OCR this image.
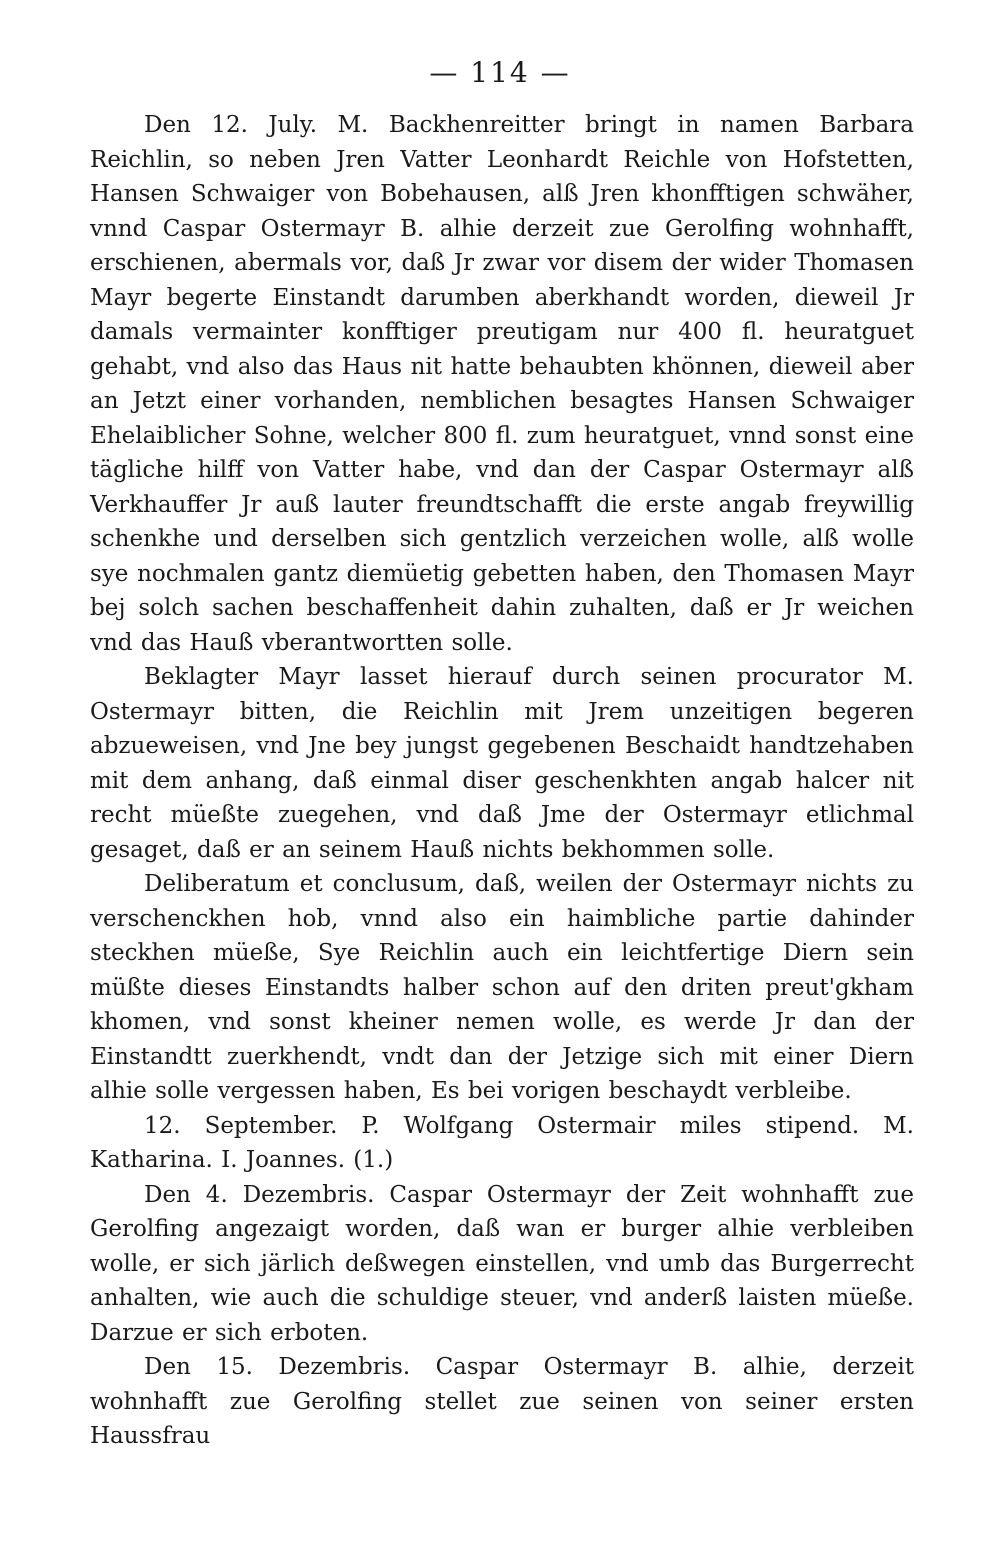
— 114 —

Den 12. July. M. Backhenreitter bringt in namen Barbara Reichlin, so neben Jren Vatter Leonhardt Reichle von Hofstetten, Hansen Schwaiger von Bobehausen, alß Jren khonfftigen schwäher, vnnd Caspar Ostermayr B. alhie derzeit zue Gerolfing wohnhafft, erschienen, abermals vor, daß Jr zwar vor disem der wider Thomasen Mayr begerte Einstandt darumben aberkhandt worden, dieweil Jr damals vermainter konfftiger preutigam nur 400 fl. heuratguet gehabt, vnd also das Haus nit hatte behaubten khönnen, dieweil aber an Jetzt einer vorhanden, nemblichen besagtes Hansen Schwaiger Ehelaiblicher Sohne, welcher 800 fl. zum heuratguet, vnnd sonst eine tägliche hilff von Vatter habe, vnd dan der Caspar Ostermayr alß Verkhauffer Jr auß lauter freundtschafft die erste angab freywillig schenkhe und derselben sich gentzlich verzeichen wolle, alß wolle sye nochmalen gantz diemüetig gebetten haben, den Thomasen Mayr bej solch sachen beschaffenheit dahin zuhalten, daß er Jr weichen vnd das Hauß vberantwortten solle.

Beklagter Mayr lasset hierauf durch seinen procurator M. Ostermayr bitten, die Reichlin mit Jrem unzeitigen begeren abzueweisen, vnd Jne bey jungst gegebenen Beschaidt handtzehaben mit dem anhang, daß einmal diser geschenkhten angab halcer nit recht müeßte zuegehen, vnd daß Jme der Ostermayr etlichmal gesaget, daß er an seinem Hauß nichts bekhommen solle.

Deliberatum et conclusum, daß, weilen der Ostermayr nichts zu verschenckhen hob, vnnd also ein haimbliche partie dahinder steckhen müeße, Sye Reichlin auch ein leichtfertige Diern sein müßte dieses Einstandts halber schon auf den driten preut'gkham khomen, vnd sonst kheiner nemen wolle, es werde Jr dan der Einstandtt zuerkhendt, vndt dan der Jetzige sich mit einer Diern alhie solle vergessen haben, Es bei vorigen beschaydt verbleibe.

12. September. P. Wolfgang Ostermair miles stipend. M. Katharina. I. Joannes. (1.)

Den 4. Dezembris. Caspar Ostermayr der Zeit wohnhafft zue Gerolfing angezaigt worden, daß wan er burger alhie verbleiben wolle, er sich järlich deßwegen einstellen, vnd umb das Burgerrecht anhalten, wie auch die schuldige steuer, vnd anderß laisten müeße. Darzue er sich erboten.

Den 15. Dezembris. Caspar Ostermayr B. alhie, derzeit wohnhafft zue Gerolfing stellet zue seinen von seiner ersten Haussfrau
